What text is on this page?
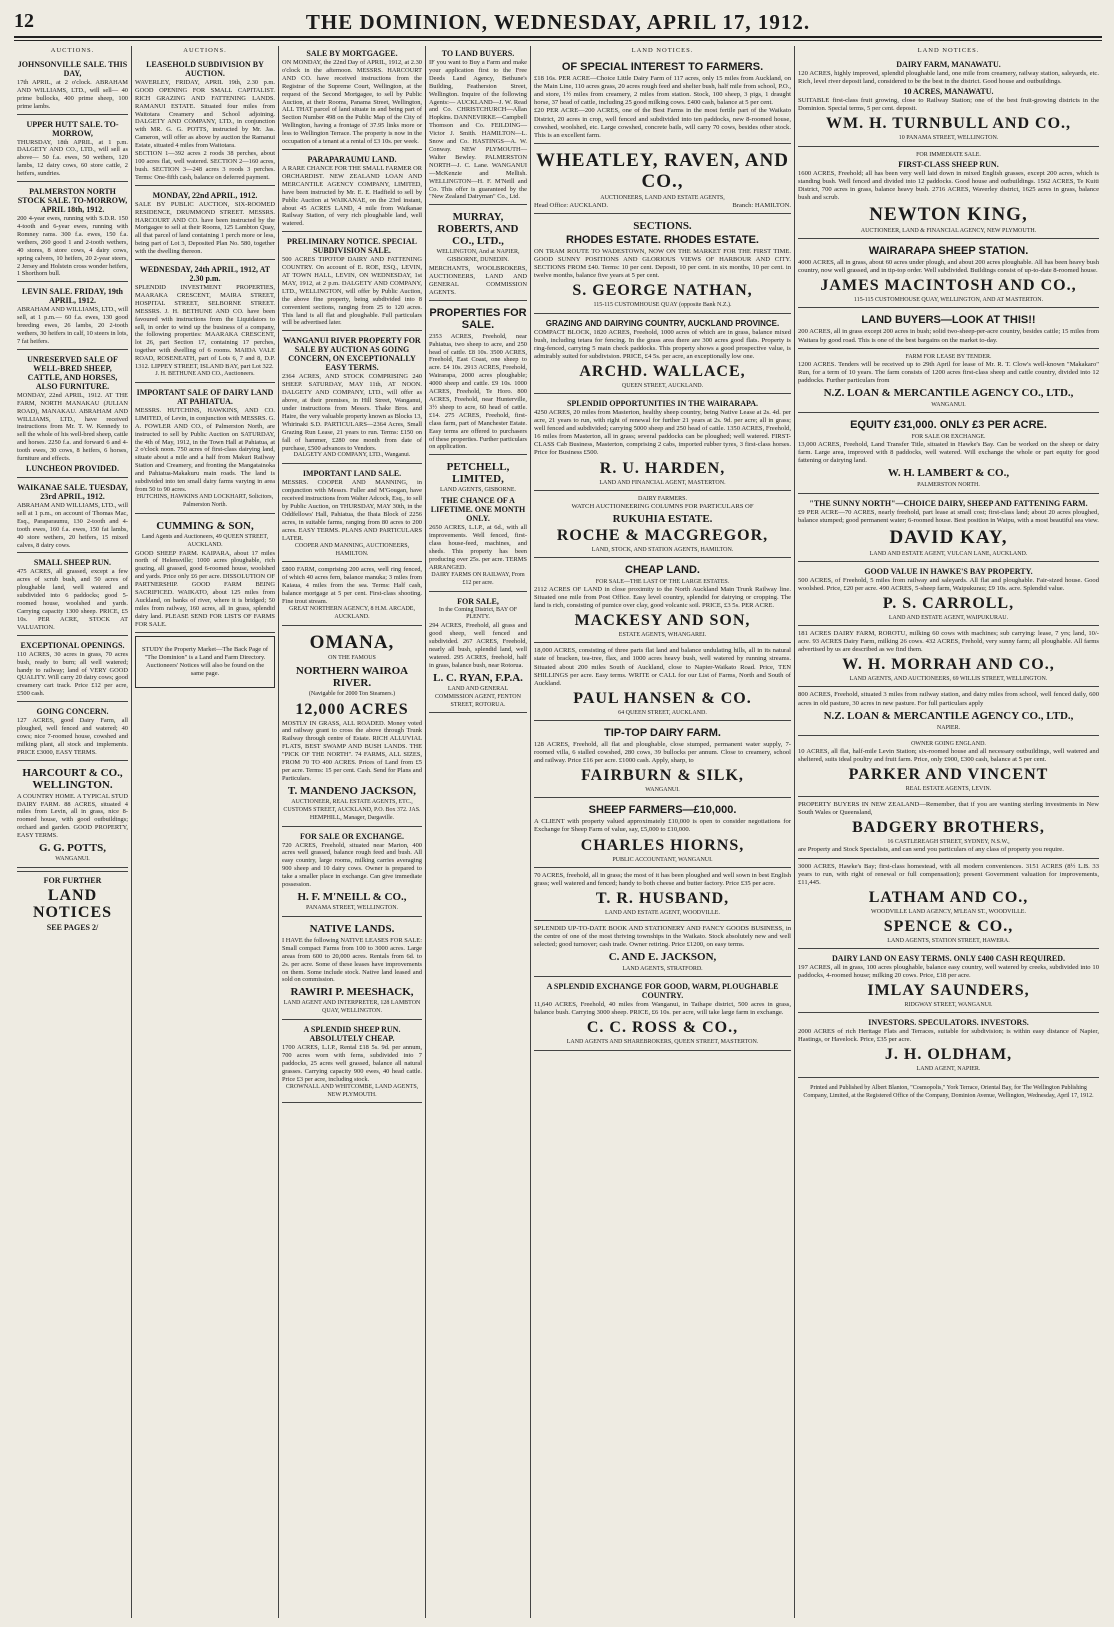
12	THE DOMINION, WEDNESDAY, APRIL 17, 1912.
AUCTIONS.
JOHNSONVILLE SALE. THIS DAY,

17th APRIL, at 2 o'clock. ABRAHAM AND WILLIAMS, LTD., will sell— 40 prime bullocks, 400 prime sheep, 100 prime lambs.

UPPER HUTT SALE. TO-MORROW,

THURSDAY, 18th APRIL, at 1 p.m. DALGETY AND CO., LTD., will sell as above— 50 f.a. ewes, 50 wethers, 120 lambs, 12 dairy cows, 60 store cattle, 2 heifers, sundries.

PALMERSTON NORTH STOCK SALE. TO-MORROW, APRIL 18th, 1912.

200 4-year ewes, running with S.D.R. 150 4-tooth and 6-year ewes, running with Romney rams. 300 f.a. ewes, 150 f.a. wethers, 260 good 1 and 2-tooth wethers, 40 stores, 8 store cows, 4 dairy cows, spring calvers, 10 heifers, 20 2-year steers, 2 Jersey and Holstein cross wonder heifers, 1 Shorthorn bull.

LEVIN SALE. FRIDAY, 19th APRIL, 1912.

ABRAHAM AND WILLIAMS, LTD., will sell, at 1 p.m.— 60 f.a. ewes, 130 good breeding ewes, 26 lambs, 20 2-tooth wethers, 30 heifers in calf, 10 steers in lots, 7 fat heifers.

UNRESERVED SALE OF WELL-BRED SHEEP, CATTLE, AND HORSES, ALSO FURNITURE.

MONDAY, 22nd APRIL, 1912. AT THE FARM, NORTH MANAKAU (JULIAN ROAD), MANAKAU. ABRAHAM AND WILLIAMS, LTD., have received instructions from Mr. T. W. Kennedy to sell the whole of his well-bred sheep, cattle and horses. 2250 f.a. and forward 6 and 4-tooth ewes, 30 cows, 8 heifers, 6 horses, furniture and effects.

LUNCHEON PROVIDED.
WAIKANAE SALE. TUESDAY, 23rd APRIL, 1912.

ABRAHAM AND WILLIAMS, LTD., will sell at 1 p.m., on account of Thomas Mac, Esq., Paraparaumu, 130 2-tooth and 4-tooth ewes, 160 f.a. ewes, 150 fat lambs, 40 store wethers, 20 heifers, 15 mixed calves, 8 dairy cows.

SMALL SHEEP RUN.

475 ACRES, all grassed, except a few acres of scrub bush, and 50 acres of ploughable land, well watered and subdivided into 6 paddocks; good 5-roomed house, woolshed and yards. Carrying capacity 1300 sheep. PRICE, £5 10s. PER ACRE, STOCK AT VALUATION.

EXCEPTIONAL OPENINGS.

110 ACRES, 30 acres in grass, 70 acres bush, ready to burn; all well watered; handy to railway; land of VERY GOOD QUALITY. Will carry 20 dairy cows; good creamery cart track. Price £12 per acre, £500 cash.

GOING CONCERN.

127 ACRES, good Dairy Farm, all ploughed, well fenced and watered; 40 cows; nice 7-roomed house, cowshed and milking plant, all stock and implements. PRICE £3000, EASY TERMS.

HARCOURT & CO., WELLINGTON.

A COUNTRY HOME. A TYPICAL STUD DAIRY FARM. 88 ACRES, situated 4 miles from Levin, all in grass, nice 8-roomed house, with good outbuildings; orchard and garden. GOOD PROPERTY, EASY TERMS.

G. G. POTTS,
WANGANUI.
FOR FURTHER
LAND NOTICES
SEE PAGES 2/
AUCTIONS.
LEASEHOLD SUBDIVISION BY AUCTION.

WAVERLEY, FRIDAY, APRIL 19th, 2.30 p.m. GOOD OPENING FOR SMALL CAPITALIST. RICH GRAZING AND FATTENING LANDS. RAMANUI ESTATE. Situated four miles from Waitotara Creamery and School adjoining. DALGETY AND COMPANY, LTD., in conjunction with MR. G. G. POTTS, instructed by Mr. Jas. Cameron, will offer as above by auction the Ramanui Estate, situated 4 miles from Waitotara.

SECTION 1—392 acres 2 roods 38 perches, about 100 acres flat, well watered. SECTION 2—160 acres, bush. SECTION 3—248 acres 3 roods 3 perches. Terms: One-fifth cash, balance on deferred payment.

MONDAY, 22nd APRIL, 1912.

SALE BY PUBLIC AUCTION, SIX-ROOMED RESIDENCE, DRUMMOND STREET. MESSRS. HARCOURT AND CO. have been instructed by the Mortgagee to sell at their Rooms, 125 Lambton Quay, all that parcel of land containing 1 perch more or less, being part of Lot 3, Deposited Plan No. 580, together with the dwelling thereon.

WEDNESDAY, 24th APRIL, 1912, AT 2.30 p.m.

SPLENDID INVESTMENT PROPERTIES, MAARAKA CRESCENT, MAIRA STREET, HOSPITAL STREET, SELBORNE STREET. MESSRS. J. H. BETHUNE AND CO. have been favoured with instructions from the Liquidators to sell, in order to wind up the business of a company, the following properties: MAARAKA CRESCENT, lot 26, part Section 17, containing 17 perches, together with dwelling of 6 rooms. MAIDA VALE ROAD, ROSENEATH, part of Lots 6, 7 and 8, D.P. 1312. LIPPEY STREET, ISLAND BAY, part Lot 322.

J. H. BETHUNE AND CO., Auctioneers.
IMPORTANT SALE OF DAIRY LAND AT PAHIATUA.

MESSRS. HUTCHINS, HAWKINS, AND CO. LIMITED, of Levin, in conjunction with MESSRS. G. A. FOWLER AND CO., of Palmerston North, are instructed to sell by Public Auction on SATURDAY, the 4th of May, 1912, in the Town Hall at Pahiatua, at 2 o'clock noon. 750 acres of first-class dairying land, situate about a mile and a half from Makuri Railway Station and Creamery, and fronting the Mangatainoka and Pahiatua-Makakuru main roads. The land is subdivided into ten small dairy farms varying in area from 50 to 90 acres.

HUTCHINS, HAWKINS AND LOCKHART, Solicitors, Palmerston North.
CUMMING & SON,
Land Agents and Auctioneers, 49 QUEEN STREET, AUCKLAND.

GOOD SHEEP FARM. KAIPARA, about 17 miles north of Helensville; 1000 acres ploughable, rich grazing, all grassed, good 6-roomed house, woolshed and yards. Price only £6 per acre. DISSOLUTION OF PARTNERSHIP. GOOD FARM BEING SACRIFICED. WAIKATO, about 125 miles from Auckland, on banks of river, where it is bridged; 50 miles from railway, 160 acres, all in grass, splendid dairy land. PLEASE SEND FOR LISTS OF FARMS FOR SALE.

STUDY the Property Market—The Back Page of "The Dominion" is a Land and Farm Directory. Auctioneers' Notices will also be found on the same page.

SALE BY MORTGAGEE.

ON MONDAY, the 22nd Day of APRIL, 1912, at 2.30 o'clock in the afternoon. MESSRS. HARCOURT AND CO. have received instructions from the Registrar of the Supreme Court, Wellington, at the request of the Second Mortgagee, to sell by Public Auction, at their Rooms, Panama Street, Wellington, ALL THAT parcel of land situate in and being part of Section Number 498 on the Public Map of the City of Wellington, having a frontage of 37.95 links more or less to Wellington Terrace. The property is now in the occupation of a tenant at a rental of £3 10s. per week.

PARAPARAUMU LAND.

A RARE CHANCE FOR THE SMALL FARMER OR ORCHARDIST. NEW ZEALAND LOAN AND MERCANTILE AGENCY COMPANY, LIMITED, have been instructed by Mr. E. E. Hadfield to sell by Public Auction at WAIKANAE, on the 23rd instant, about 45 ACRES LAND, 4 mile from Waikanae Railway Station, of very rich ploughable land, well watered.

PRELIMINARY NOTICE. SPECIAL SUBDIVISION SALE.

500 ACRES TIPOTOP DAIRY AND FATTENING COUNTRY. On account of E. ROE, ESQ., LEVIN, AT TOWN HALL, LEVIN, ON WEDNESDAY, 1st MAY, 1912, at 2 p.m. DALGETY AND COMPANY, LTD., WELLINGTON, will offer by Public Auction, the above fine property, being subdivided into 8 convenient sections, ranging from 25 to 120 acres. This land is all flat and ploughable. Full particulars will be advertised later.

WANGANUI RIVER PROPERTY FOR SALE BY AUCTION AS GOING CONCERN, ON EXCEPTIONALLY EASY TERMS.

2364 ACRES, AND STOCK COMPRISING 240 SHEEP. SATURDAY, MAY 11th, AT NOON. DALGETY AND COMPANY, LTD., will offer as above, at their premises, in Hill Street, Wanganui, under instructions from Messrs. Thake Bros. and Haire, the very valuable property known as Blocks 13, Whirinaki S.D. PARTICULARS—2364 Acres, Small Grazing Run Lease, 21 years to run. Terms: £150 on fall of hammer, £280 one month from date of purchase, £500 advances to Vendors.

DALGETY AND COMPANY, LTD., Wanganui.
IMPORTANT LAND SALE.

MESSRS. COOPER AND MANNING, in conjunction with Messrs. Fuller and M'Gougan, have received instructions from Walter Adcock, Esq., to sell by Public Auction, on THURSDAY, MAY 30th, in the Oddfellows' Hall, Pahiatua, the Ihaia Block of 2256 acres, in suitable farms, ranging from 80 acres to 200 acres. EASY TERMS. PLANS AND PARTICULARS LATER.

COOPER AND MANNING, AUCTIONEERS, HAMILTON.

£800 FARM, comprising 200 acres, well ring fenced, of which 40 acres fern, balance manuka; 3 miles from Kaiaua, 4 miles from the sea. Terms: Half cash, balance mortgage at 5 per cent. First-class shooting. Fine trout stream.

GREAT NORTHERN AGENCY, 8 H.M. ARCADE, AUCKLAND.
OMANA,
ON THE FAMOUS
NORTHERN WAIROA RIVER.
(Navigable for 2000 Ton Steamers.)
12,000 ACRES

MOSTLY IN GRASS, ALL ROADED. Money voted and railway grant to cross the above through Trunk Railway through centre of Estate. RICH ALLUVIAL FLATS, BEST SWAMP AND BUSH LANDS. THE "PICK OF THE NORTH". 74 FARMS, ALL SIZES, FROM 70 TO 400 ACRES. Prices of Land from £5 per acre. Terms: 15 per cent. Cash. Send for Plans and Particulars.

T. MANDENO JACKSON,
AUCTIONEER, REAL ESTATE AGENTS, ETC., CUSTOMS STREET, AUCKLAND, P.O. Box 372. JAS. HEMPHILL, Manager, Dargaville.
FOR SALE OR EXCHANGE.

720 ACRES, Freehold, situated near Marton, 400 acres well grassed, balance rough feed and bush. All easy country, large rooms, milking carries averaging 900 sheep and 10 dairy cows. Owner is prepared to take a smaller place in exchange. Can give immediate possession.

H. F. M'NEILL & CO.,
PANAMA STREET, WELLINGTON.
NATIVE LANDS.

I HAVE the following NATIVE LEASES FOR SALE: Small compact Farms from 100 to 3000 acres. Large areas from 600 to 20,000 acres. Rentals from 6d. to 2s. per acre. Some of these leases have improvements on them. Some include stock. Native land leased and sold on commission.

RAWIRI P. MEESHACK,
LAND AGENT AND INTERPRETER, 128 LAMBTON QUAY, WELLINGTON.
A SPLENDID SHEEP RUN. ABSOLUTELY CHEAP.

1700 ACRES, L.I.P., Rental £18 5s. 9d. per annum, 700 acres worn with ferns, subdivided into 7 paddocks, 25 acres well grassed, balance all natural grasses. Carrying capacity 900 ewes, 40 head cattle. Price £3 per acre, including stock.

CROWNALL AND WHITCOMBE, LAND AGENTS, NEW PLYMOUTH.
TO LAND BUYERS.

IF you want to Buy a Farm and make your application first to the Free Deeds Land Agency, Bethune's Building, Featherston Street, Wellington. Inquire of the following Agents:— AUCKLAND—J. W. Read and Co. CHRISTCHURCH—Allan Hopkins. DANNEVIRKE—Campbell Thomson and Co. FEILDING—Victor J. Smith. HAMILTON—L. Snow and Co. HASTINGS—A. W. Conway. NEW PLYMOUTH—Walter Bewley. PALMERSTON NORTH—J. C. Lane. WANGANUI—McKenzie and Mellish. WELLINGTON—H. F. M'Neill and Co. This offer is guaranteed by the "New Zealand Dairyman" Co., Ltd.

MURRAY, ROBERTS, AND CO., LTD.,
WELLINGTON, And at NAPIER, GISBORNE, DUNEDIN.

MERCHANTS, WOOLBROKERS, AUCTIONEERS, LAND AND GENERAL COMMISSION AGENTS.

PROPERTIES FOR SALE.

2353 ACRES, Freehold, near Pahiatua, two sheep to acre, and 250 head of cattle. £8 10s. 3500 ACRES, Freehold, East Coast, one sheep to acre. £4 10s. 2913 ACRES, Freehold, Wairarapa, 2000 acres ploughable; 4000 sheep and cattle. £9 10s. 1000 ACRES, Freehold, Te Horo. 800 ACRES, Freehold, near Hunterville, 3½ sheep to acre, 60 head of cattle. £14. 275 ACRES, Freehold, first-class farm, part of Manchester Estate. Easy terms are offered to purchasers of these properties. Further particulars on application.

PETCHELL, LIMITED,
LAND AGENTS, GISBORNE.
THE CHANCE OF A LIFETIME. ONE MONTH ONLY.

2650 ACRES, L.I.P., at 6d., with all improvements. Well fenced, first-class house-feed, machines, and sheds. This property has been producing over 25s. per acre. TERMS ARRANGED.

DAIRY FARMS ON RAILWAY, From £12 per acre.
FOR SALE,
In the Coming District, BAY OF PLENTY.

294 ACRES, Freehold, all grass and good sheep, well fenced and subdivided. 267 ACRES, Freehold, nearly all bush, splendid land, well watered. 295 ACRES, freehold, half in grass, balance bush, near Rotorua.

L. C. RYAN, F.P.A.
LAND AND GENERAL COMMISSION AGENT, FENTON STREET, ROTORUA.
LAND NOTICES.
OF SPECIAL INTEREST TO FARMERS.

£18 16s. PER ACRE—Choice Little Dairy Farm of 117 acres, only 15 miles from Auckland, on the Main Line, 110 acres grass, 20 acres rough feed and shelter bush, half mile from school, P.O., and store, 1½ miles from creamery, 2 miles from station. Stock, 100 sheep, 3 pigs, 1 draught horse, 37 head of cattle, including 25 good milking cows. £400 cash, balance at 5 per cent.

£20 PER ACRE—200 ACRES, one of the Best Farms in the most fertile part of the Waikato District, 20 acres in crop, well fenced and subdivided into ten paddocks, new 8-roomed house, cowshed, woolshed, etc. Large cowshed, concrete bails, will carry 70 cows, besides other stock. This is an excellent farm.

WHEATLEY, RAVEN, AND CO.,
AUCTIONEERS, LAND AND ESTATE AGENTS,
Head Office: AUCKLAND.	Branch: HAMILTON.
SECTIONS.
RHODES ESTATE. RHODES ESTATE.

ON TRAM ROUTE TO WADESTOWN, NOW ON THE MARKET FOR THE FIRST TIME. GOOD SUNNY POSITIONS AND GLORIOUS VIEWS OF HARBOUR AND CITY. SECTIONS FROM £40. Terms: 10 per cent. Deposit, 10 per cent. in six months, 10 per cent. in twelve months, balance five years at 5 per cent.

S. GEORGE NATHAN,
115-115 CUSTOMHOUSE QUAY (opposite Bank N.Z.).
GRAZING AND DAIRYING COUNTRY, AUCKLAND PROVINCE.

COMPACT BLOCK, 1820 ACRES, Freehold, 1000 acres of which are in grass, balance mixed bush, including tetara for fencing. In the grass area there are 300 acres good flats. Property is ring-fenced, carrying 5 main check paddocks. This property shows a good prospective value, is admirably suited for subdivision. PRICE, £4 5s. per acre, an exceptionally low one.

ARCHD. WALLACE,
QUEEN STREET, AUCKLAND.
SPLENDID OPPORTUNITIES IN THE WAIRARAPA.

4250 ACRES, 20 miles from Masterton, healthy sheep country, being Native Lease at 2s. 4d. per acre, 21 years to run, with right of renewal for further 21 years at 2s. 9d. per acre; all in grass; well fenced and subdivided; carrying 5000 sheep and 250 head of cattle. 1350 ACRES, Freehold, 16 miles from Masterton, all in grass; several paddocks can be ploughed; well watered. FIRST-CLASS Cab Business, Masterton, comprising 2 cabs, imported rubber tyres, 3 first-class horses. Price for Business £500.

R. U. HARDEN,
LAND AND FINANCIAL AGENT, MASTERTON.
DAIRY FARMERS.

WATCH AUCTIONEERING COLUMNS FOR PARTICULARS OF

RUKUHIA ESTATE.
ROCHE & MACGREGOR,
LAND, STOCK, AND STATION AGENTS, HAMILTON.
CHEAP LAND.
FOR SALE—THE LAST OF THE LARGE ESTATES.

2112 ACRES OF LAND in close proximity to the North Auckland Main Trunk Railway line. Situated one mile from Post Office. Easy level country, splendid for dairying or cropping. The land is rich, consisting of pumice over clay, good volcanic soil. PRICE, £3 5s. PER ACRE.

MACKESY AND SON,
ESTATE AGENTS, WHANGAREI.

18,000 ACRES, consisting of three parts flat land and balance undulating hills, all in its natural state of bracken, tea-tree, flax, and 1000 acres heavy bush, well watered by running streams. Situated about 200 miles South of Auckland, close to Napier-Waikato Road. Price, TEN SHILLINGS per acre. Easy terms. WRITE or CALL for our List of Farms, North and South of Auckland.

PAUL HANSEN & CO.
64 QUEEN STREET, AUCKLAND.
TIP-TOP DAIRY FARM.

128 ACRES, Freehold, all flat and ploughable, close stumped, permanent water supply, 7-roomed villa, 6 stalled cowshed, 280 cows, 39 bullocks per annum. Close to creamery, school and railway. Price £16 per acre. £1000 cash. Apply, sharp, to

FAIRBURN & SILK,
WANGANUI.
SHEEP FARMERS—£10,000.

A CLIENT with property valued approximately £10,000 is open to consider negotiations for Exchange for Sheep Farm of value, say, £5,000 to £10,000.

CHARLES HIORNS,
PUBLIC ACCOUNTANT, WANGANUI.

70 ACRES, freehold, all in grass; the most of it has been ploughed and well sown in best English grass; well watered and fenced; handy to both cheese and butter factory. Price £35 per acre.

T. R. HUSBAND,
LAND AND ESTATE AGENT, WOODVILLE.

SPLENDID UP-TO-DATE BOOK AND STATIONERY AND FANCY GOODS BUSINESS, in the centre of one of the most thriving townships in the Waikato. Stock absolutely new and well selected; good turnover; cash trade. Owner retiring. Price £1200, on easy terms.

C. AND E. JACKSON,
LAND AGENTS, STRATFORD.
A SPLENDID EXCHANGE FOR GOOD, WARM, PLOUGHABLE COUNTRY.

11,640 ACRES, Freehold, 40 miles from Wanganui, in Taihape district, 500 acres in grass, balance bush. Carrying 3000 sheep. PRICE, £6 10s. per acre, will take large farm in exchange.

C. C. ROSS & CO.,
LAND AGENTS AND SHAREBROKERS, QUEEN STREET, MASTERTON.
LAND NOTICES.
DAIRY FARM, MANAWATU.

120 ACRES, highly improved, splendid ploughable land, one mile from creamery, railway station, saleyards, etc. Rich, level river deposit land, considered to be the best in the district. Good house and outbuildings.

10 ACRES, MANAWATU.

SUITABLE first-class fruit growing, close to Railway Station; one of the best fruit-growing districts in the Dominion. Special terms, 5 per cent. deposit.

WM. H. TURNBULL AND CO.,
10 PANAMA STREET, WELLINGTON.
FOR IMMEDIATE SALE.
FIRST-CLASS SHEEP RUN.

1600 ACRES, Freehold; all has been very well laid down in mixed English grasses, except 200 acres, which is standing bush. Well fenced and divided into 12 paddocks. Good house and outbuildings. 1562 ACRES, Te Kuiti District, 700 acres in grass, balance heavy bush. 2716 ACRES, Waverley district, 1625 acres in grass, balance bush and scrub.

NEWTON KING,
AUCTIONEER, LAND & FINANCIAL AGENCY, NEW PLYMOUTH.
WAIRARAPA SHEEP STATION.

4000 ACRES, all in grass, about 60 acres under plough, and about 200 acres ploughable. All has been heavy bush country, now well grassed, and in tip-top order. Well subdivided. Buildings consist of up-to-date 8-roomed house.

JAMES MACINTOSH AND CO.,
115-115 CUSTOMHOUSE QUAY, WELLINGTON, AND AT MASTERTON.
LAND BUYERS—LOOK AT THIS!!

200 ACRES, all in grass except 200 acres in bush; solid two-sheep-per-acre country, besides cattle; 15 miles from Waitara by good road. This is one of the best bargains on the market to-day.

FARM FOR LEASE BY TENDER.

1200 ACRES. Tenders will be received up to 29th April for lease of Mr. R. T. Clow's well-known "Makakaro" Run, for a term of 10 years. The farm consists of 1200 acres first-class sheep and cattle country, divided into 12 paddocks. Further particulars from

N.Z. LOAN & MERCANTILE AGENCY CO., LTD.,
WANGANUI.
EQUITY £31,000. ONLY £3 PER ACRE.
FOR SALE OR EXCHANGE.

13,000 ACRES, Freehold, Land Transfer Title, situated in Hawke's Bay. Can be worked on the sheep or dairy farm. Large area, improved with 8 paddocks, well watered. Will exchange the whole or part equity for good fattening or dairying land.

W. H. LAMBERT & CO.,
PALMERSTON NORTH.
"THE SUNNY NORTH"—CHOICE DAIRY, SHEEP AND FATTENING FARM.

£9 PER ACRE—70 ACRES, nearly freehold, part lease at small cost; first-class land; about 20 acres ploughed, balance stumped; good permanent water; 6-roomed house. Best position in Waipu, with a most beautiful sea view.

DAVID KAY,
LAND AND ESTATE AGENT, VULCAN LANE, AUCKLAND.
GOOD VALUE IN HAWKE'S BAY PROPERTY.

500 ACRES, of Freehold, 5 miles from railway and saleyards. All flat and ploughable. Fair-sized house. Good woolshed. Price, £20 per acre. 490 ACRES, 5-sheep farm, Waipukurau; £9 10s. acre. Splendid value.

P. S. CARROLL,
LAND AND ESTATE AGENT, WAIPUKURAU.

181 ACRES DAIRY FARM, ROROTU, milking 60 cows with machines; sub carrying: lease, 7 yrs; land, 10/- acre. 93 ACRES Dairy Farm, milking 26 cows. 432 ACRES, Frehold, very sunny farm; all ploughable. All farms advertised by us are described as we find them.

W. H. MORRAH AND CO.,
LAND AGENTS, AND AUCTIONEERS, 69 WILLIS STREET, WELLINGTON.

800 ACRES, Freehold, situated 3 miles from railway station, and dairy miles from school, well fenced daily, 600 acres in old pasture, 30 acres in new pasture. For full particulars apply

N.Z. LOAN & MERCANTILE AGENCY CO., LTD.,
NAPIER.
OWNER GOING ENGLAND.

10 ACRES, all flat, half-mile Levin Station; six-roomed house and all necessary outbuildings, well watered and sheltered, suits ideal poultry and fruit farm. Price, only £900, £300 cash, balance at 5 per cent.

PARKER AND VINCENT
REAL ESTATE AGENTS, LEVIN.

PROPERTY BUYERS IN NEW ZEALAND—Remember, that if you are wanting sterling investments in New South Wales or Queensland,

BADGERY BROTHERS,
16 CASTLEREAGH STREET, SYDNEY, N.S.W.,

are Property and Stock Specialists, and can send you particulars of any class of property you require.

3000 ACRES, Hawke's Bay; first-class homestead, with all modern conveniences. 3151 ACRES (8½ L.B. 33 years to run, with right of renewal or full compensation); present Government valuation for improvements, £11,445.

LATHAM AND CO.,
WOODVILLE LAND AGENCY, M'LEAN ST., WOODVILLE.
SPENCE & CO.,
LAND AGENTS, STATION STREET, HAWERA.
DAIRY LAND ON EASY TERMS. ONLY £400 CASH REQUIRED.

197 ACRES, all in grass, 100 acres ploughable, balance easy country, well watered by creeks, subdivided into 10 paddocks, 4-roomed house; milking 20 cows. Price, £18 per acre.

IMLAY SAUNDERS,
RIDGWAY STREET, WANGANUI.
INVESTORS. SPECULATORS. INVESTORS.

2000 ACRES of rich Heritage Flats and Terraces, suitable for subdivision; is within easy distance of Napier, Hastings, or Havelock. Price, £35 per acre.

J. H. OLDHAM,
LAND AGENT, NAPIER.

Printed and Published by Albert Blanton, "Cosmopolis," York Terrace, Oriental Bay, for The Wellington Publishing Company, Limited, at the Registered Office of the Company, Dominion Avenue, Wellington, Wednesday, April 17, 1912.
